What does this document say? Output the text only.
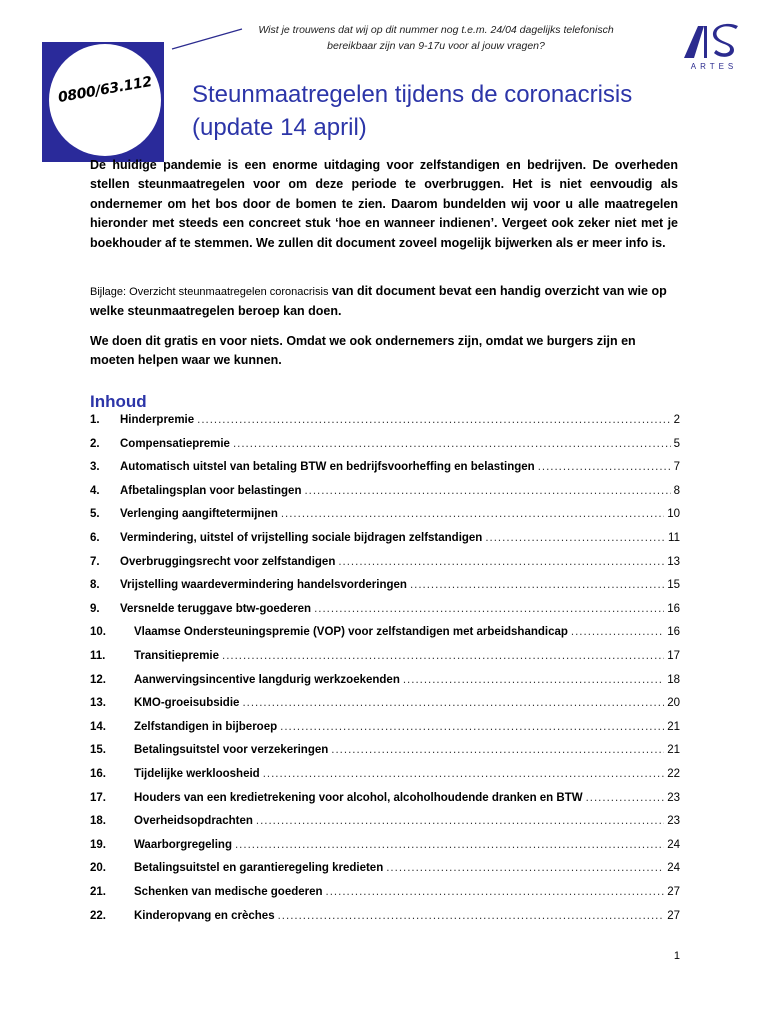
0800/63.112
Wist je trouwens dat wij op dit nummer nog t.e.m. 24/04 dagelijks telefonisch bereikbaar zijn van 9-17u voor al jouw vragen?
ARTES
Steunmaatregelen tijdens de coronacrisis (update 14 april)

De huidige pandemie is een enorme uitdaging voor zelfstandigen en bedrijven. De overheden stellen steunmaatregelen voor om deze periode te overbruggen. Het is niet eenvoudig als ondernemer om het bos door de bomen te zien. Daarom bundelden wij voor u alle maatregelen hieronder met steeds een concreet stuk ‘hoe en wanneer indienen’. Vergeet ook zeker niet met je boekhouder af te stemmen. We zullen dit document zoveel mogelijk bijwerken als er meer info is.

Bijlage: Overzicht steunmaatregelen coronacrisis van dit document bevat een handig overzicht van wie op welke steunmaatregelen beroep kan doen.

We doen dit gratis en voor niets. Omdat we ook ondernemers zijn, omdat we burgers zijn en moeten helpen waar we kunnen.

Inhoud
1.	Hinderpremie .....	2
2.	Compensatiepremie .....	5
3.	Automatisch uitstel van betaling BTW en bedrijfsvoorheffing en belastingen .....	7
4.	Afbetalingsplan voor belastingen .....	8
5.	Verlenging aangiftetermijnen .....	10
6.	Vermindering, uitstel of vrijstelling sociale bijdragen zelfstandigen .....	11
7.	Overbruggingsrecht voor zelfstandigen .....	13
8.	Vrijstelling waardevermindering handelsvorderingen .....	15
9.	Versnelde teruggave btw-goederen .....	16
10.	Vlaamse Ondersteuningspremie (VOP) voor zelfstandigen met arbeidshandicap .....	16
11.	Transitiepremie .....	17
12.	Aanwervingsincentive langdurig werkzoekenden .....	18
13.	KMO-groeisubsidie .....	20
14.	Zelfstandigen in bijberoep .....	21
15.	Betalingsuitstel voor verzekeringen .....	21
16.	Tijdelijke werkloosheid .....	22
17.	Houders van een kredietrekening voor alcohol, alcoholhoudende dranken en BTW .....	23
18.	Overheidsopdrachten .....	23
19.	Waarborgregeling .....	24
20.	Betalingsuitstel en garantieregeling kredieten .....	24
21.	Schenken van medische goederen .....	27
22.	Kinderopvang en crèches .....	27
1
